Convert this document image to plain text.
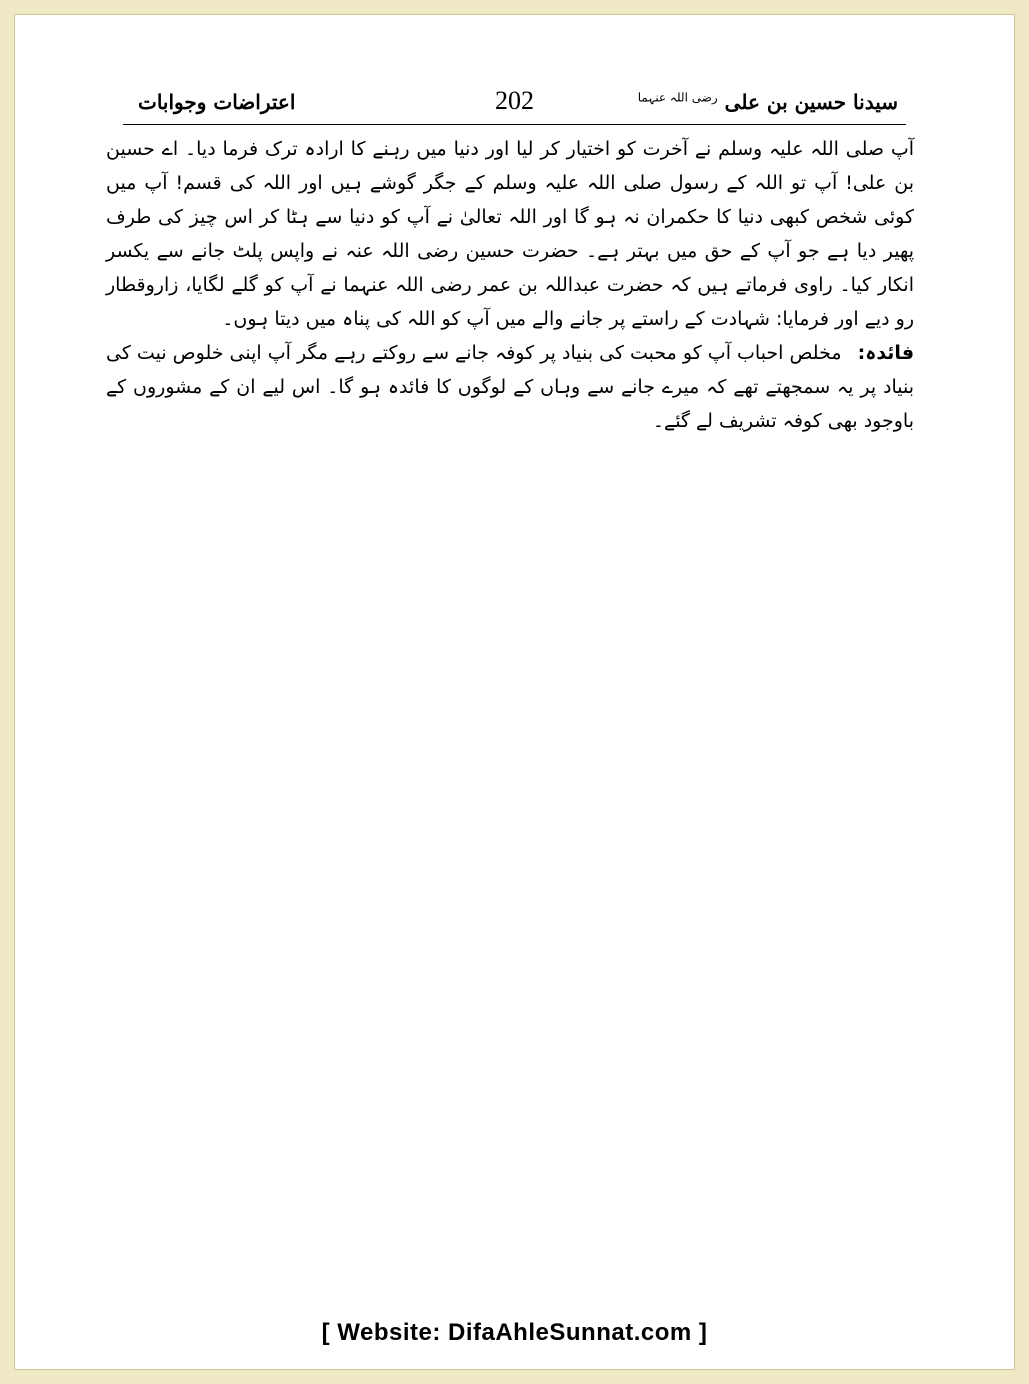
اعتراضات وجوابات	202	سیدنا حسین بن علی $^{رضی اللہ عنہما}$

آپ صلی اللہ علیہ وسلم نے آخرت کو اختیار کر لیا اور دنیا میں رہنے کا ارادہ ترک فرما دیا۔ اے حسین بن علی! آپ تو اللہ کے رسول صلی اللہ علیہ وسلم کے جگر گوشے ہیں اور اللہ کی قسم! آپ میں کوئی شخص کبھی دنیا کا حکمران نہ ہو گا اور اللہ تعالیٰ نے آپ کو دنیا سے ہٹا کر اس چیز کی طرف پھیر دیا ہے جو آپ کے حق میں بہتر ہے۔ حضرت حسین رضی اللہ عنہ نے واپس پلٹ جانے سے یکسر انکار کیا۔ راوی فرماتے ہیں کہ حضرت عبداللہ بن عمر رضی اللہ عنہما نے آپ کو گلے لگایا، زاروقطار رو دیے اور فرمایا: شہادت کے راستے پر جانے والے میں آپ کو اللہ کی پناہ میں دیتا ہوں۔

فائدہ: مخلص احباب آپ کو محبت کی بنیاد پر کوفہ جانے سے روکتے رہے مگر آپ اپنی خلوص نیت کی بنیاد پر یہ سمجھتے تھے کہ میرے جانے سے وہاں کے لوگوں کا فائدہ ہو گا۔ اس لیے ان کے مشوروں کے باوجود بھی کوفہ تشریف لے گئے۔

[ Website: DifaAhleSunnat.com ]
